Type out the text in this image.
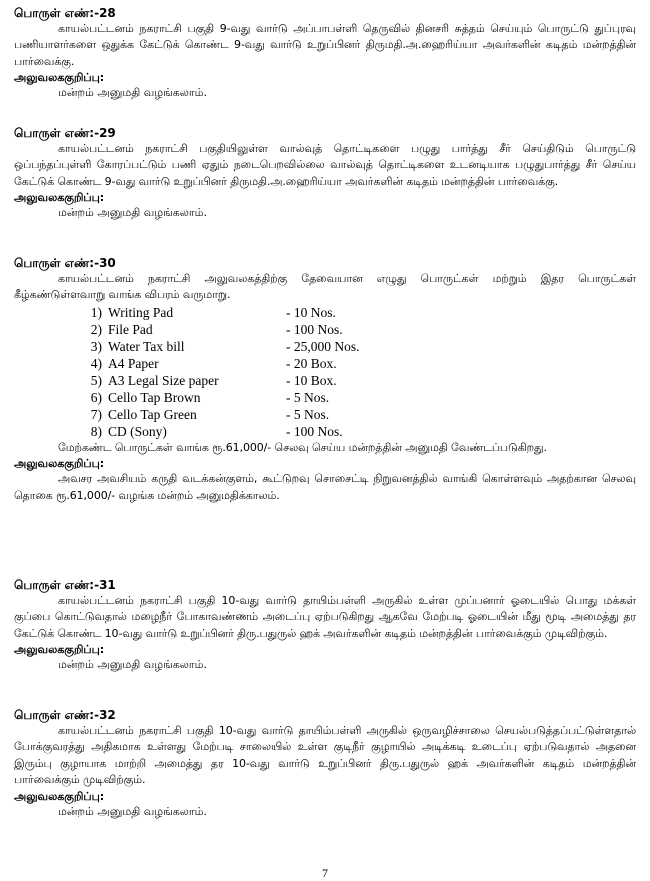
பொருள் எண்:-28

காயல்பட்டனம் நகராட்சி பகுதி 9-வது வார்டு அப்பாபள்ளி தெருவில் தினசரி சுத்தம் செய்யும் பொருட்டு துப்புரவு பணியாளர்களை ஒதுக்க கேட்டுக் கொண்ட 9-வது வார்டு உறுப்பினர் திருமதி.அ.ஹைரிய்யா அவர்களின் கடிதம் மன்றத்தின் பார்வைக்கு.

அலுவலககுறிப்பு:

மன்றம் அனுமதி வழங்கலாம்.

பொருள் எண்:-29

காயல்பட்டனம் நகராட்சி பகுதியிலுள்ள வால்வுத் தொட்டிகளை பழுது பார்த்து சீர் செய்திடும் பொருட்டு ஒப்பந்தப்புள்ளி கோரப்பட்டும் பணி ஏதும் நடைபெறவில்லை வால்வுத் தொட்டிகளை உடனடியாக பழுதுபார்த்து சீர் செய்ய கேட்டுக் கொண்ட 9-வது வார்டு உறுப்பினர் திருமதி.அ.ஹைரிய்யா அவர்களின் கடிதம் மன்றத்தின் பார்வைக்கு.

அலுவலககுறிப்பு:

மன்றம் அனுமதி வழங்கலாம்.

பொருள் எண்:-30

காயல்பட்டனம் நகராட்சி அலுவலகத்திற்கு தேவையான எழுது பொருட்கள் மற்றும் இதர பொருட்கள் கீழ்கண்டுள்ளவாறு வாங்க விபரம் வருமாறு.

1) Writing Pad	- 10 Nos.
2) File Pad	- 100 Nos.
3) Water Tax bill	- 25,000 Nos.
4) A4 Paper	- 20 Box.
5) A3 Legal Size paper	- 10 Box.
6) Cello Tap Brown	- 5 Nos.
7) Cello Tap Green	- 5 Nos.
8) CD (Sony)	- 100 Nos.

மேற்கண்ட பொருட்கள் வாங்க ரூ.61,000/- செலவு செய்ய மன்றத்தின் அனுமதி வேண்டப்படுகிறது.

அலுவலககுறிப்பு:

அவசர அவசியம் கருதி வடக்கன்குளம், கூட்டுறவு சொசைட்டி நிறுவனத்தில் வாங்கி கொள்ளவும் அதற்கான செலவு தொகை ரூ.61,000/- வழங்க மன்றம் அனுமதிக்காலம்.

பொருள் எண்:-31

காயல்பட்டனம் நகராட்சி பகுதி 10-வது வார்டு தாயிம்பள்ளி அருகில் உள்ள முப்பனார் ஓடையில் பொது மக்கள் குப்பை கொட்டுவதால் மழைநீர் போகாவண்ணம் அடைப்பு ஏற்படுகிறது ஆகவே மேற்படி ஓடையின் மீது மூடி அமைத்து தர கேட்டுக் கொண்ட 10-வது வார்டு உறுப்பினர் திரு.பதுருல் ஹக் அவர்களின் கடிதம் மன்றத்தின் பார்வைக்கும் முடிவிற்கும்.

அலுவலககுறிப்பு:

மன்றம் அனுமதி வழங்கலாம்.

பொருள் எண்:-32

காயல்பட்டனம் நகராட்சி பகுதி 10-வது வார்டு தாயிம்பள்ளி அருகில் ஒருவழிச்சாலை செயல்படுத்தப்பட்டுள்ளதால் போக்குவரத்து அதிகமாக உள்ளது மேற்படி சாலையில் உள்ள குடிநீர் குழாயில் அடிக்கடி உடைப்பு ஏற்படுவதால் அதனை இரும்பு குழாயாக மாற்றி அமைத்து தர 10-வது வார்டு உறுப்பினர் திரு.பதுருல் ஹக் அவர்களின் கடிதம் மன்றத்தின் பார்வைக்கும் முடிவிற்கும்.

அலுவலககுறிப்பு:

மன்றம் அனுமதி வழங்கலாம்.

7
